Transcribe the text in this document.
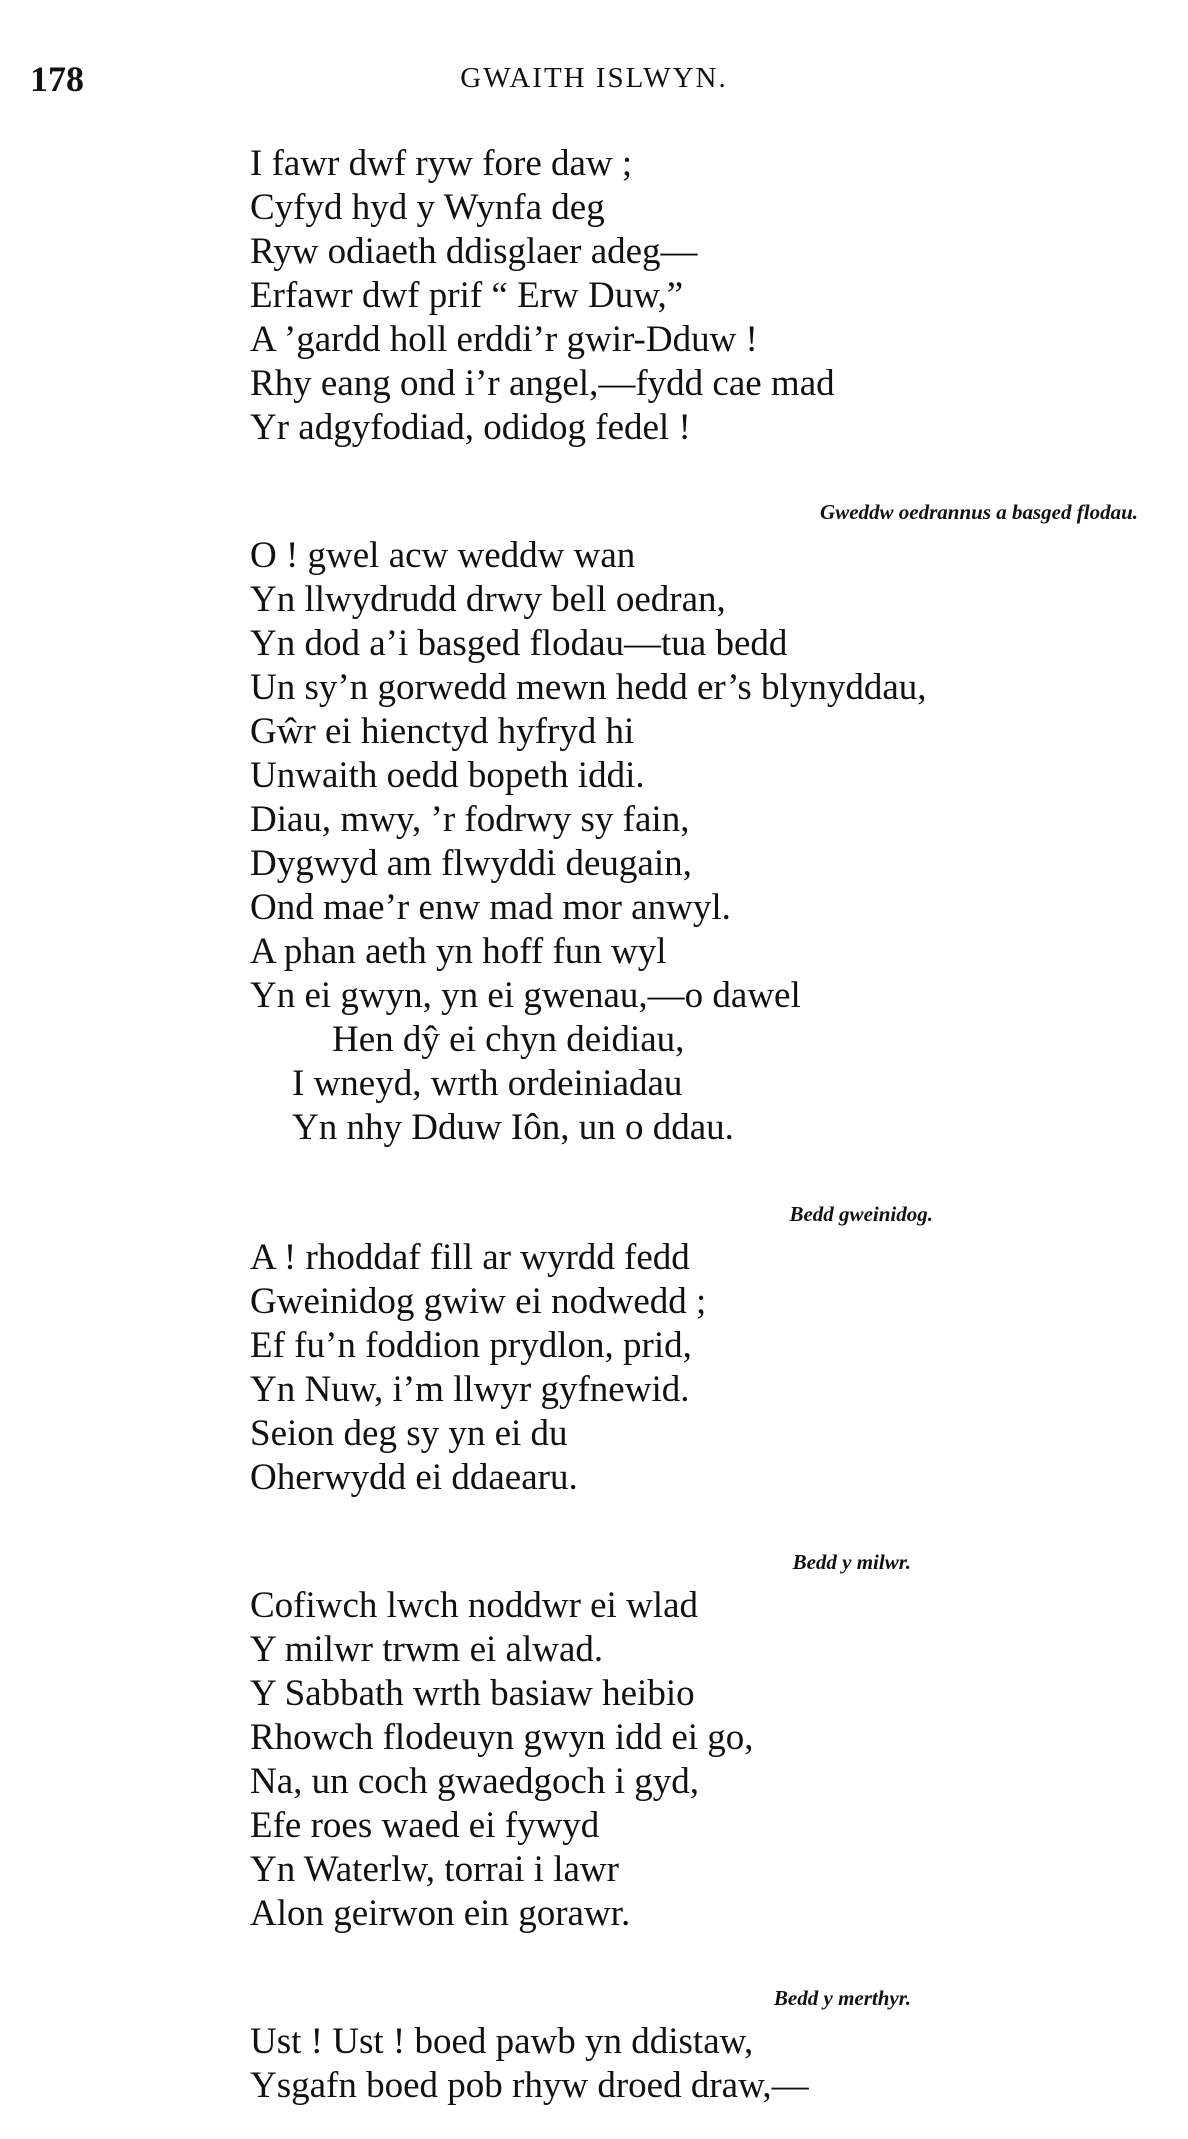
178	GWAITH ISLWYN.
I fawr dwf ryw fore daw ;
Cyfyd hyd y Wynfa deg
Ryw odiaeth ddisglaer adeg—
Erfawr dwf prif “ Erw Duw,”
A ’gardd holl erddi’r gwir-Dduw !
Rhy eang ond i’r angel,—fydd cae mad
Yr adgyfodiad, odidog fedel !
Gweddw oedrannus a basged flodau.
O ! gwel acw weddw wan
Yn llwydrudd drwy bell oedran,
Yn dod a’i basged flodau—tua bedd
Un sy’n gorwedd mewn hedd er’s blynyddau,
Gŵr ei hienctyd hyfryd hi
Unwaith oedd bopeth iddi.
Diau, mwy, ’r fodrwy sy fain,
Dygwyd am flwyddi deugain,
Ond mae’r enw mad mor anwyl.
A phan aeth yn hoff fun wyl
Yn ei gwyn, yn ei gwenau,—o dawel
Hen dŷ ei chyn deidiau,
I wneyd, wrth ordeiniadau
Yn nhy Dduw Iôn, un o ddau.
Bedd gweinidog.
A ! rhoddaf fill ar wyrdd fedd
Gweinidog gwiw ei nodwedd ;
Ef fu’n foddion prydlon, prid,
Yn Nuw, i’m llwyr gyfnewid.
Seion deg sy yn ei du
Oherwydd ei ddaearu.
Bedd y milwr.
Cofiwch lwch noddwr ei wlad
Y milwr trwm ei alwad.
Y Sabbath wrth basiaw heibio
Rhowch flodeuyn gwyn idd ei go,
Na, un coch gwaedgoch i gyd,
Efe roes waed ei fywyd
Yn Waterlw, torrai i lawr
Alon geirwon ein gorawr.
Bedd y merthyr.
Ust ! Ust ! boed pawb yn ddistaw,
Ysgafn boed pob rhyw droed draw,—
